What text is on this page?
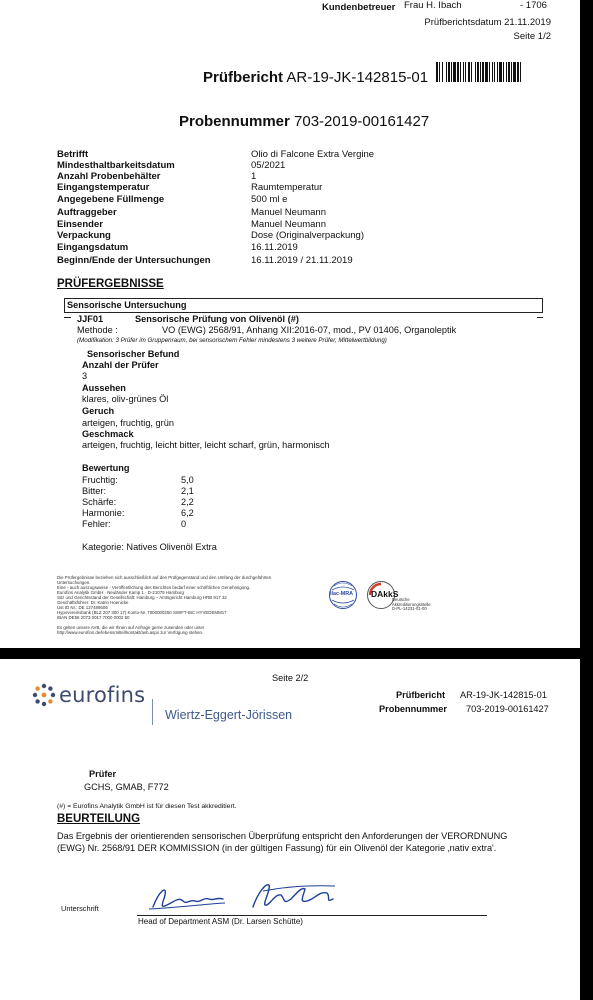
Kundenbetreuer Frau H. Ibach	- 1706
Prüfberichtsdatum 21.11.2019
Seite 1/2
Prüfbericht AR-19-JK-142815-01
Probennummer 703-2019-00161427
Betrifft	Olio di Falcone Extra Vergine
Mindesthaltbarkeitsdatum	05/2021
Anzahl Probenbehälter	1
Eingangstemperatur	Raumtemperatur
Angegebene Füllmenge	500 ml e
Auftraggeber	Manuel Neumann
Einsender	Manuel Neumann
Verpackung	Dose (Originalverpackung)
Eingangsdatum	16.11.2019
Beginn/Ende der Untersuchungen	16.11.2019 / 21.11.2019
PRÜFERGEBNISSE
Sensorische Untersuchung
JJF01	Sensorische Prüfung von Olivenöl (#)
Methode :	VO (EWG) 2568/91, Anhang XII:2016-07, mod., PV 01406, Organoleptik
(Modifikation: 3 Prüfer im Gruppenraum, bei sensorischem Fehler mindestens 3 weitere Prüfer, Mittelwertbildung)
Sensorischer Befund
Anzahl der Prüfer
3
Aussehen
klares, oliv-grünes Öl
Geruch
arteigen, fruchtig, grün
Geschmack
arteigen, fruchtig, leicht bitter, leicht scharf, grün, harmonisch
Bewertung
Fruchtig:	5,0
Bitter:	2,1
Schärfe:	2,2
Harmonie:	6,2
Fehler:	0
Kategorie: Natives Olivenöl Extra
Die Prüfergebnisse beziehen sich ausschließlich auf den Prüfgegenstand und den Umfang der durchgeführten
Untersuchungen.
Eine - auch auszugsweise - Veröffentlichung des Berichtes bedarf einer schriftlichen Genehmigung.
Eurofins Analytik GmbH · Neuländer Kamp 1 · D-21079 Hamburg
Sitz und Gerichtsstand der Gesellschaft: Hamburg – Amtsgericht Hamburg HRB 917 32
Geschäftsführer: Dr. Katrin Hoenicke
Ust ID Nr.: DE 127489506
Hypovereinsbank (BLZ 207 300 17) Konto-Nr. 7000000250 SWIFT-BIC HYVEDEMM17
IBAN DE56 2073 0017 7000 0002 50
Es gelten unsere AVB, die wir Ihnen auf Anfrage gerne zusenden oder unter
http://www.eurofins.de/lebensmittel/kontakt/avb.aspx zur Verfügung stehen.
ilac-MRA DAkkS
Deutsche
Akkreditierungsstelle
D-PL-14231-01-00
Seite 2/2
eurofins
Wiertz-Eggert-Jörissen
Prüfbericht AR-19-JK-142815-01
Probennummer 703-2019-00161427
Prüfer
GCHS, GMAB, F772
(#) = Eurofins Analytik GmbH ist für diesen Test akkreditiert.
BEURTEILUNG
Das Ergebnis der orientierenden sensorischen Überprüfung entspricht den Anforderungen der VERORDNUNG
(EWG) Nr. 2568/91 DER KOMMISSION (in der gültigen Fassung) für ein Olivenöl der Kategorie ‚nativ extra'.
Unterschrift
Head of Department ASM (Dr. Larsen Schütte)
